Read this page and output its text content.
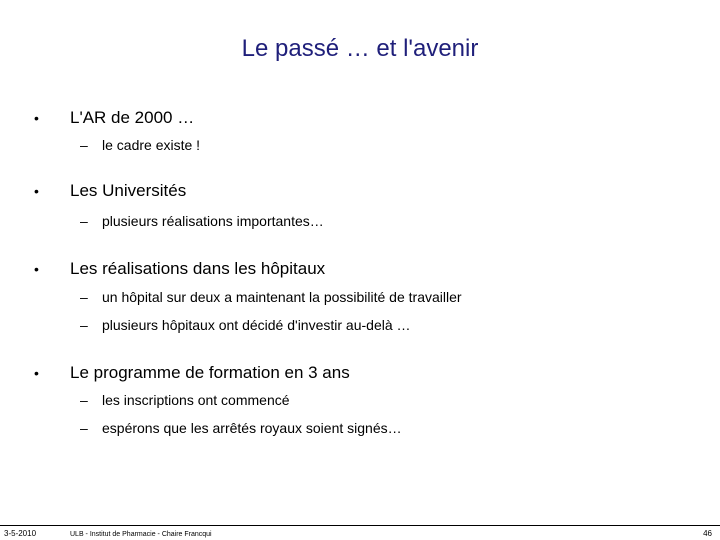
Le passé … et l'avenir
• L'AR de 2000 …
– le cadre existe !
• Les Universités
– plusieurs réalisations importantes…
• Les réalisations dans les hôpitaux
– un hôpital sur deux a maintenant la possibilité de travailler
– plusieurs hôpitaux ont décidé d'investir au-delà …
• Le programme de formation en 3 ans
– les inscriptions ont commencé
– espérons que les arrêtés royaux soient signés…
3-5-2010	ULB - Institut de Pharmacie - Chaire Francqui	46
